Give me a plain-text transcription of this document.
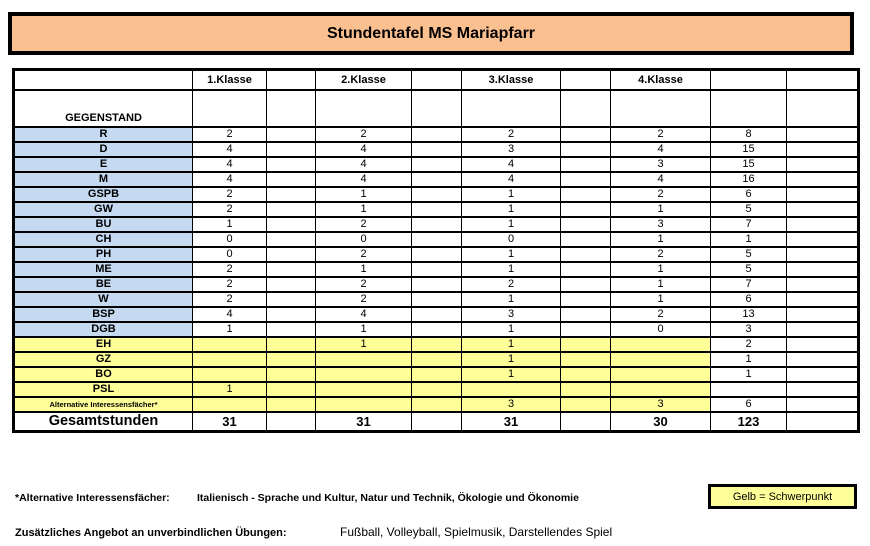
Stundentafel MS Mariapfarr
	1.Klasse		2.Klasse		3.Klasse		4.Klasse		
GEGENSTAND									
R	2		2		2		2	8	
D	4		4		3		4	15	
E	4		4		4		3	15	
M	4		4		4		4	16	
GSPB	2		1		1		2	6	
GW	2		1		1		1	5	
BU	1		2		1		3	7	
CH	0		0		0		1	1	
PH	0		2		1		2	5	
ME	2		1		1		1	5	
BE	2		2		2		1	7	
W	2		2		1		1	6	
BSP	4		4		3		2	13	
DGB	1		1		1		0	3	
EH			1		1			2	
GZ					1			1	
BO					1			1	
PSL	1								
Alternative Interessensfächer*					3		3	6	
Gesamtstunden	31		31		31		30	123	
*Alternative Interessensfächer:	Italienisch - Sprache und Kultur, Natur und Technik, Ökologie und Ökonomie	Gelb = Schwerpunkt
Zusätzliches Angebot an unverbindlichen Übungen:	Fußball, Volleyball, Spielmusik, Darstellendes Spiel
